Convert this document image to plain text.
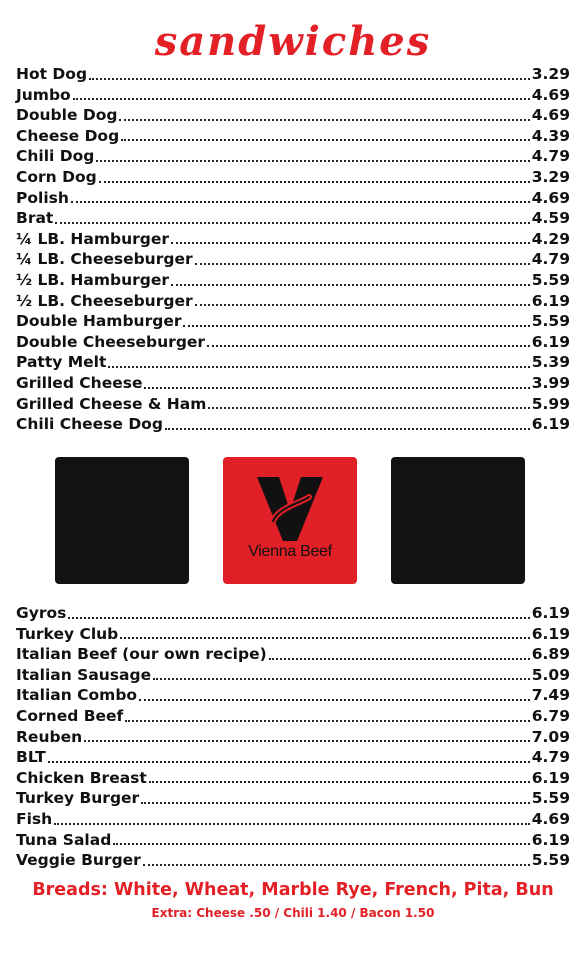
sandwiches
Hot Dog	3.29
Jumbo	4.69
Double Dog	4.69
Cheese Dog	4.39
Chili Dog	4.79
Corn Dog	3.29
Polish	4.69
Brat	4.59
¼ LB. Hamburger	4.29
¼ LB. Cheeseburger	4.79
½ LB. Hamburger	5.59
½ LB. Cheeseburger	6.19
Double Hamburger	5.59
Double Cheeseburger	6.19
Patty Melt	5.39
Grilled Cheese	3.99
Grilled Cheese & Ham	5.99
Chili Cheese Dog	6.19
Vienna Beef
Gyros	6.19
Turkey Club	6.19
Italian Beef (our own recipe)	6.89
Italian Sausage	5.09
Italian Combo	7.49
Corned Beef	6.79
Reuben	7.09
BLT	4.79
Chicken Breast	6.19
Turkey Burger	5.59
Fish	4.69
Tuna Salad	6.19
Veggie Burger	5.59
Breads: White, Wheat, Marble Rye, French, Pita, Bun
Extra: Cheese .50 / Chili 1.40 / Bacon 1.50
